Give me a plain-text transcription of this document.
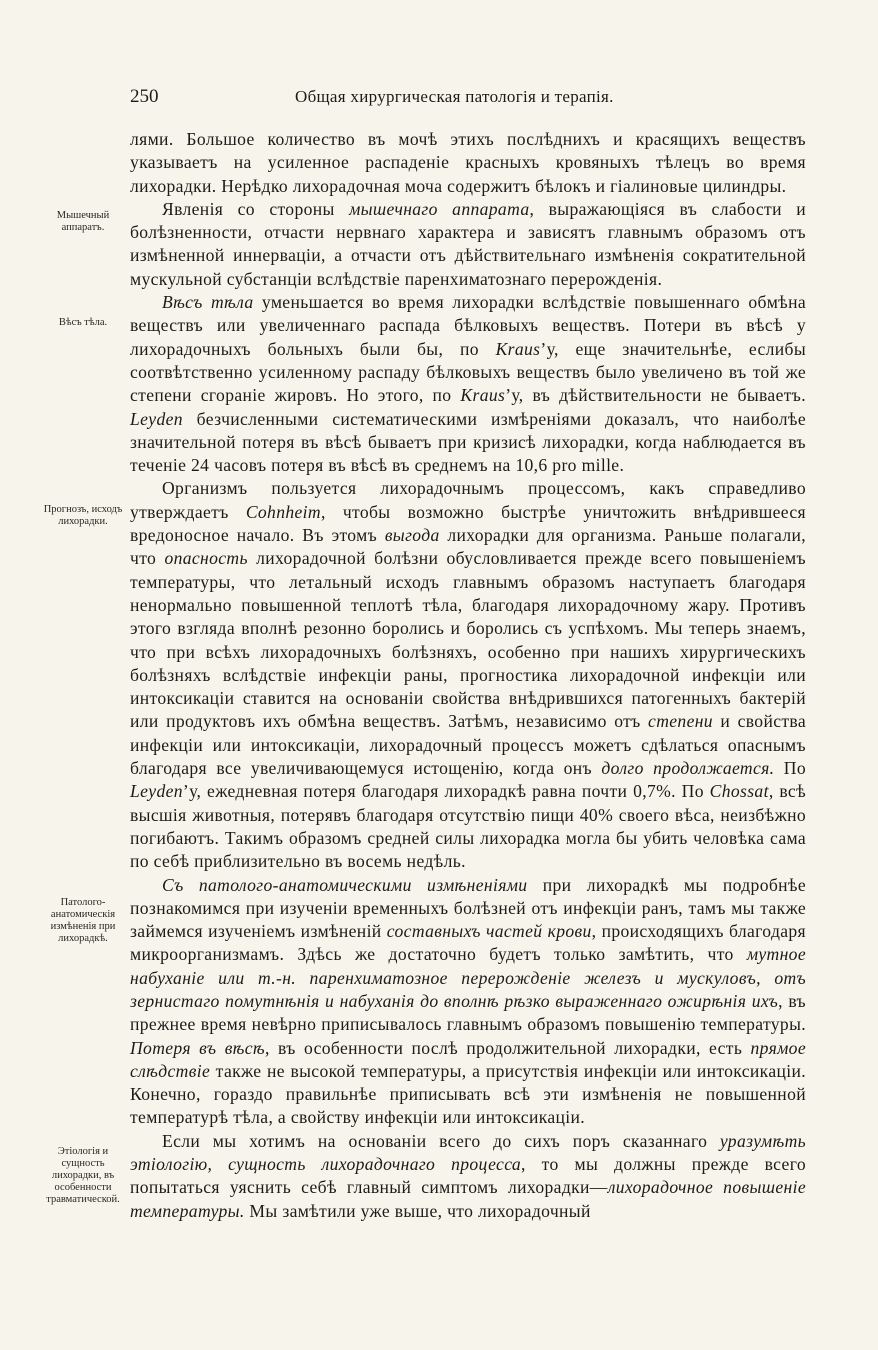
250	Общая хирургическая патологія и терапія.
Мышечный аппаратъ.
Вѣсъ тѣла.
Прогнозъ, исходъ лихорадки.
Патолого-анатомическія измѣненія при лихорадкѣ.
Этіологія и сущность лихорадки, въ особенности травматической.

лями. Большое количество въ мочѣ этихъ послѣднихъ и красящихъ веществъ указываетъ на усиленное распаденіе красныхъ кровяныхъ тѣлецъ во время лихорадки. Нерѣдко лихорадочная моча содержитъ бѣлокъ и гіалиновые цилиндры.

Явленія со стороны мышечнаго аппарата, выражающіяся въ слабости и болѣзненности, отчасти нервнаго характера и зависятъ главнымъ образомъ отъ измѣненной иннерваціи, а отчасти отъ дѣйствительнаго измѣненія сократительной мускульной субстанціи вслѣдствіе паренхиматознаго перерожденія.

Вѣсъ тѣла уменьшается во время лихорадки вслѣдствіе повышеннаго обмѣна веществъ или увеличеннаго распада бѣлковыхъ веществъ. Потери въ вѣсѣ у лихорадочныхъ больныхъ были бы, по Kraus’у, еще значительнѣе, еслибы соотвѣтственно усиленному распаду бѣлковыхъ веществъ было увеличено въ той же степени сгораніе жировъ. Но этого, по Kraus’у, въ дѣйствительности не бываетъ. Leyden безчисленными систематическими измѣреніями доказалъ, что наиболѣе значительной потеря въ вѣсѣ бываетъ при кризисѣ лихорадки, когда наблюдается въ теченіе 24 часовъ потеря въ вѣсѣ въ среднемъ на 10,6 pro mille.

Организмъ пользуется лихорадочнымъ процессомъ, какъ справедливо утверждаетъ Cohnheim, чтобы возможно быстрѣе уничтожить внѣдрившееся вредоносное начало. Въ этомъ выгода лихорадки для организма. Раньше полагали, что опасность лихорадочной болѣзни обусловливается прежде всего повышеніемъ температуры, что летальный исходъ главнымъ образомъ наступаетъ благодаря ненормально повышенной теплотѣ тѣла, благодаря лихорадочному жару. Противъ этого взгляда вполнѣ резонно боролись и боролись съ успѣхомъ. Мы теперь знаемъ, что при всѣхъ лихорадочныхъ болѣзняхъ, особенно при нашихъ хирургическихъ болѣзняхъ вслѣдствіе инфекціи раны, прогностика лихорадочной инфекціи или интоксикаціи ставится на основаніи свойства внѣдрившихся патогенныхъ бактерій или продуктовъ ихъ обмѣна веществъ. Затѣмъ, независимо отъ степени и свойства инфекціи или интоксикаціи, лихорадочный процессъ можетъ сдѣлаться опаснымъ благодаря все увеличивающемуся истощенію, когда онъ долго продолжается. По Leyden’у, ежедневная потеря благодаря лихорадкѣ равна почти 0,7%. По Chossat, всѣ высшія животныя, потерявъ благодаря отсутствію пищи 40% своего вѣса, неизбѣжно погибаютъ. Такимъ образомъ средней силы лихорадка могла бы убить человѣка сама по себѣ приблизительно въ восемь недѣль.

Съ патолого-анатомическими измѣненіями при лихорадкѣ мы подробнѣе познакомимся при изученіи временныхъ болѣзней отъ инфекціи ранъ, тамъ мы также займемся изученіемъ измѣненій составныхъ частей крови, происходящихъ благодаря микроорганизмамъ. Здѣсь же достаточно будетъ только замѣтить, что мутное набуханіе или т.-н. паренхиматозное перерожденіе железъ и мускуловъ, отъ зернистаго помутнѣнія и набуханія до вполнѣ рѣзко выраженнаго ожирѣнія ихъ, въ прежнее время невѣрно приписывалось главнымъ образомъ повышенію температуры. Потеря въ вѣсѣ, въ особенности послѣ продолжительной лихорадки, есть прямое слѣдствіе также не высокой температуры, а присутствія инфекціи или интоксикаціи. Конечно, гораздо правильнѣе приписывать всѣ эти измѣненія не повышенной температурѣ тѣла, а свойству инфекціи или интоксикаціи.

Если мы хотимъ на основаніи всего до сихъ поръ сказаннаго уразумѣть этіологію, сущность лихорадочнаго процесса, то мы должны прежде всего попытаться уяснить себѣ главный симптомъ лихорадки—лихорадочное повышеніе температуры. Мы замѣтили уже выше, что лихорадочный
